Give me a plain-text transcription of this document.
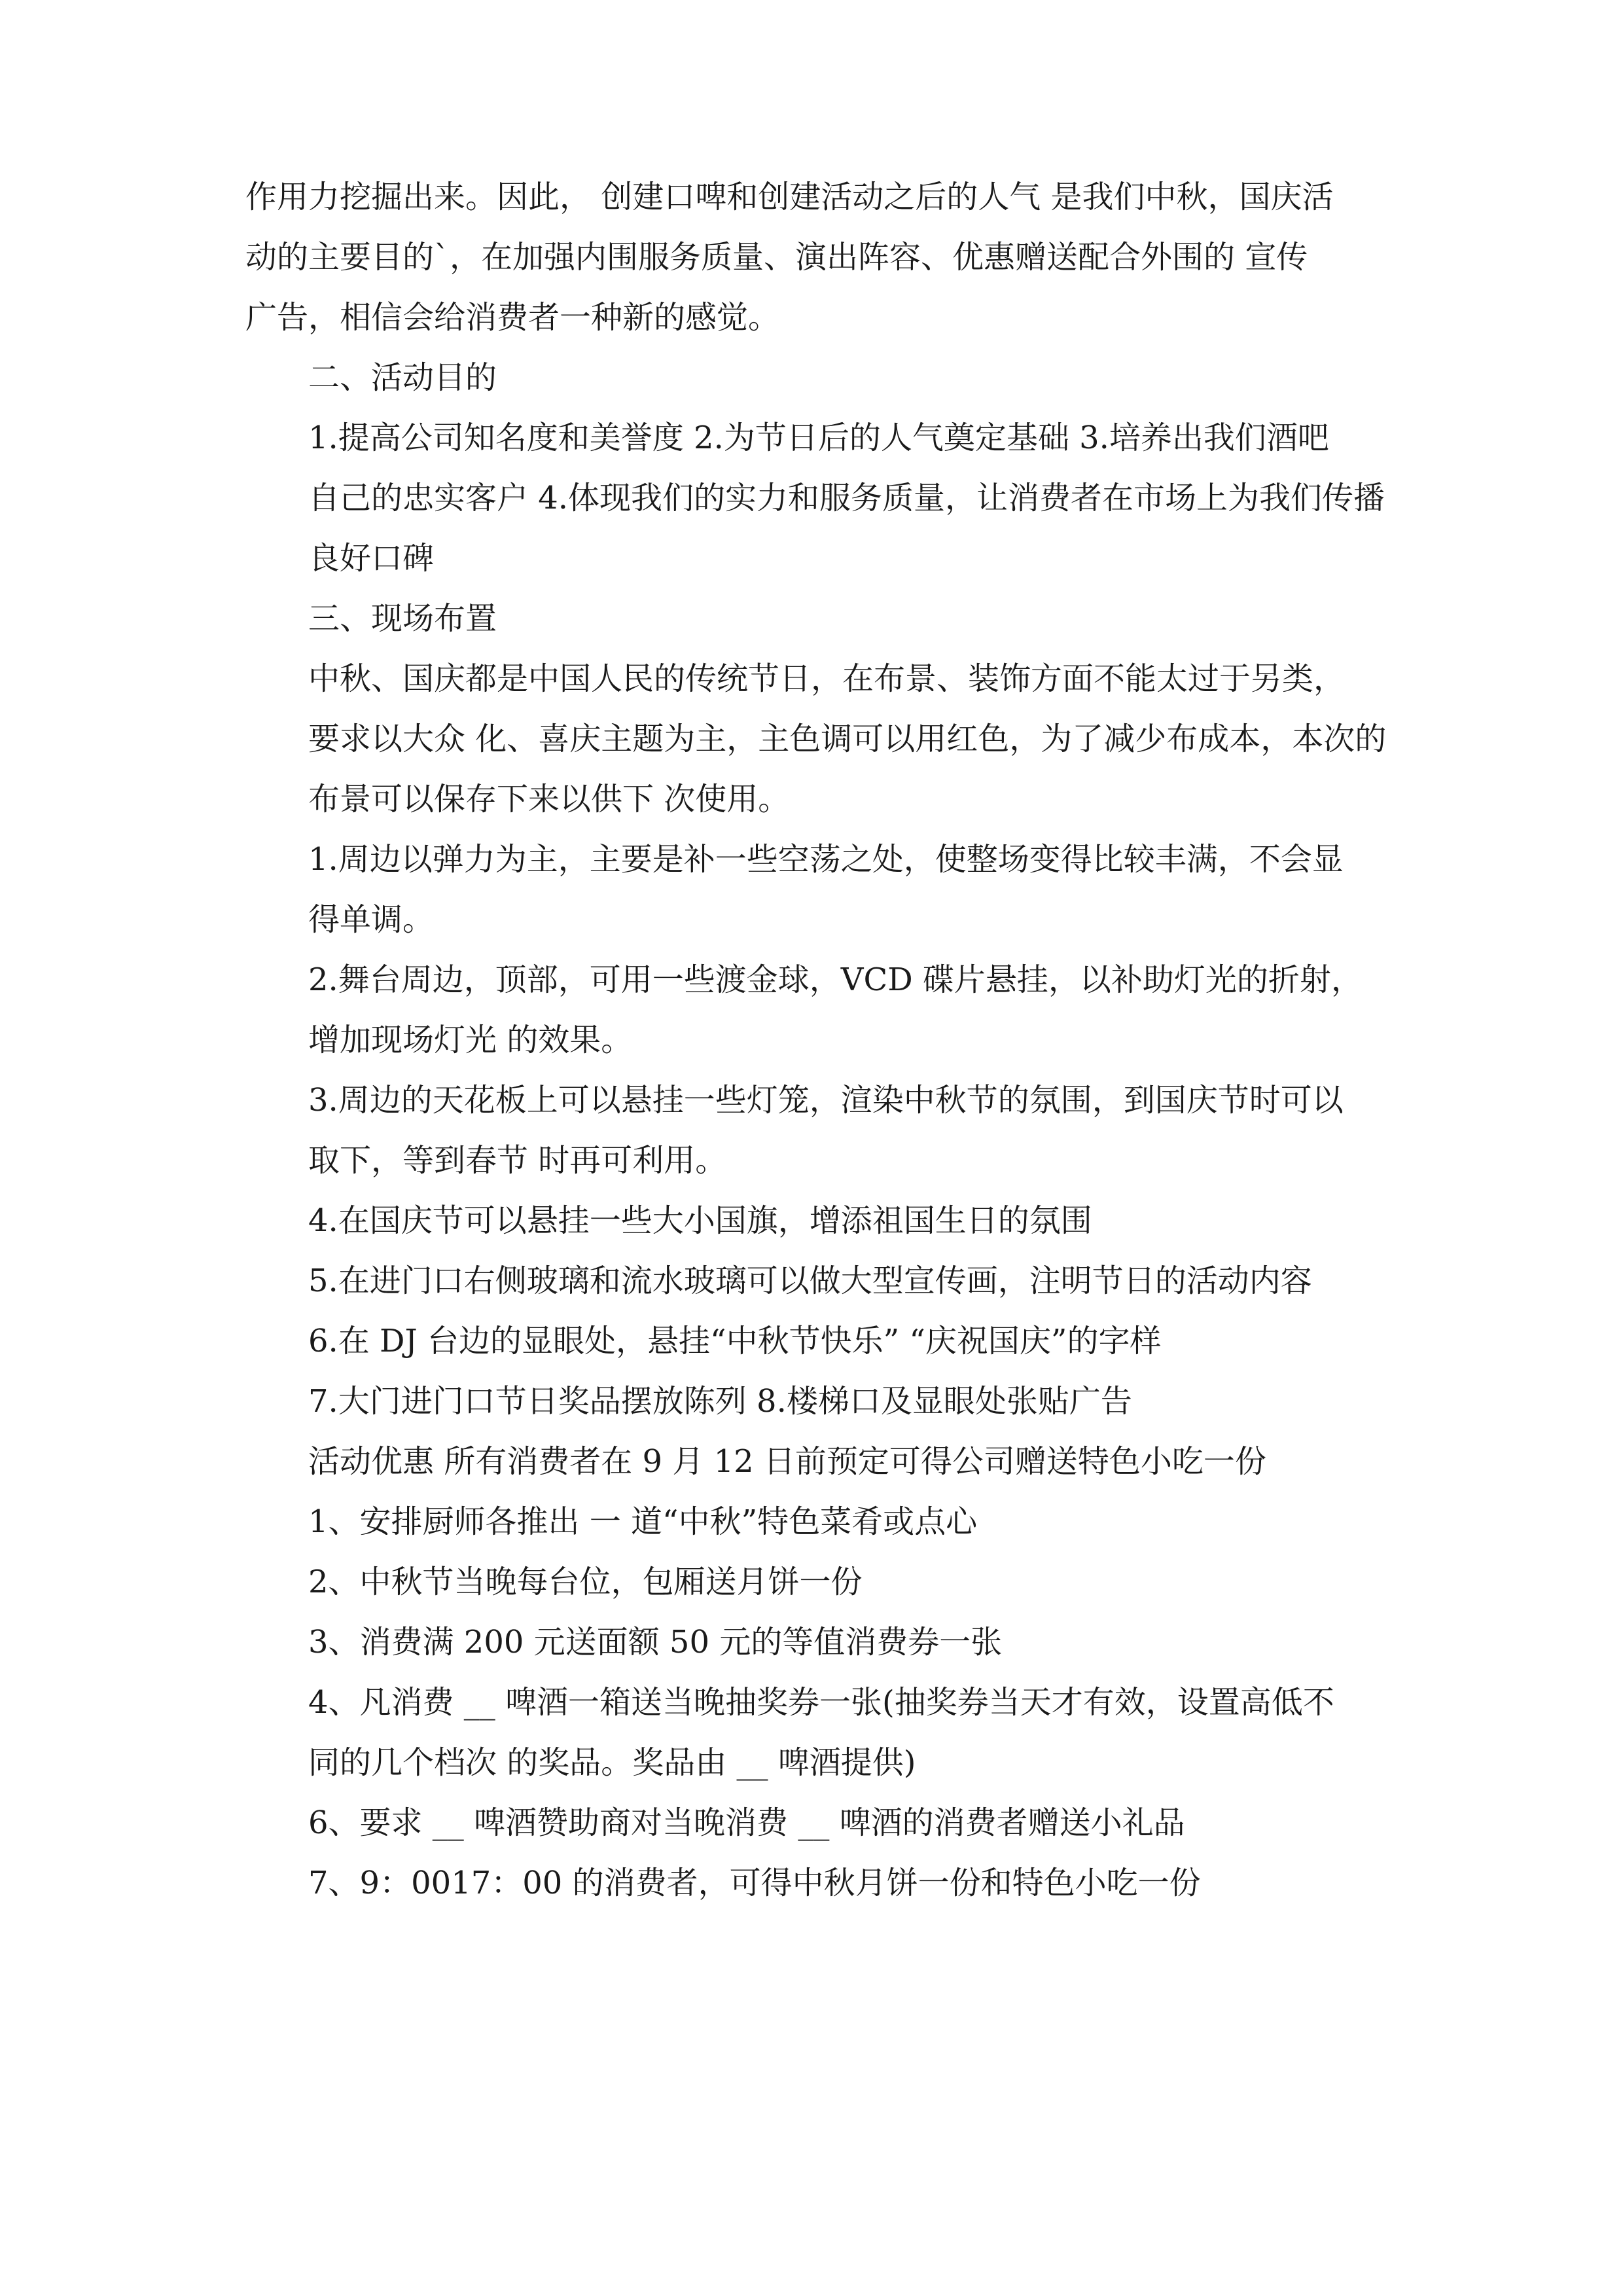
作用力挖掘出来。因此， 创建口啤和创建活动之后的人气 是我们中秋，国庆活
动的主要目的`，在加强内围服务质量、演出阵容、优惠赠送配合外围的 宣传
广告，相信会给消费者一种新的感觉。

二、活动目的

1.提高公司知名度和美誉度 2.为节日后的人气奠定基础 3.培养出我们酒吧
自己的忠实客户 4.体现我们的实力和服务质量，让消费者在市场上为我们传播
良好口碑

三、现场布置

中秋、国庆都是中国人民的传统节日，在布景、装饰方面不能太过于另类，
要求以大众 化、喜庆主题为主，主色调可以用红色，为了减少布成本，本次的
布景可以保存下来以供下 次使用。

1.周边以弹力为主，主要是补一些空荡之处，使整场变得比较丰满，不会显
得单调。

2.舞台周边，顶部，可用一些渡金球，VCD 碟片悬挂，以补助灯光的折射，
增加现场灯光 的效果。

3.周边的天花板上可以悬挂一些灯笼，渲染中秋节的氛围，到国庆节时可以
取下，等到春节 时再可利用。

4.在国庆节可以悬挂一些大小国旗，增添祖国生日的氛围

5.在进门口右侧玻璃和流水玻璃可以做大型宣传画，注明节日的活动内容

6.在 DJ 台边的显眼处，悬挂“中秋节快乐” “庆祝国庆”的字样

7.大门进门口节日奖品摆放陈列 8.楼梯口及显眼处张贴广告

活动优惠 所有消费者在 9 月 12 日前预定可得公司赠送特色小吃一份

1、安排厨师各推出 一 道“中秋”特色菜肴或点心

2、中秋节当晚每台位，包厢送月饼一份

3、消费满 200 元送面额 50 元的等值消费券一张

4、凡消费 __ 啤酒一箱送当晚抽奖券一张(抽奖券当天才有效，设置高低不
同的几个档次 的奖品。奖品由 __ 啤酒提供)

6、要求 __ 啤酒赞助商对当晚消费 __ 啤酒的消费者赠送小礼品

7、9：0017：00 的消费者，可得中秋月饼一份和特色小吃一份
